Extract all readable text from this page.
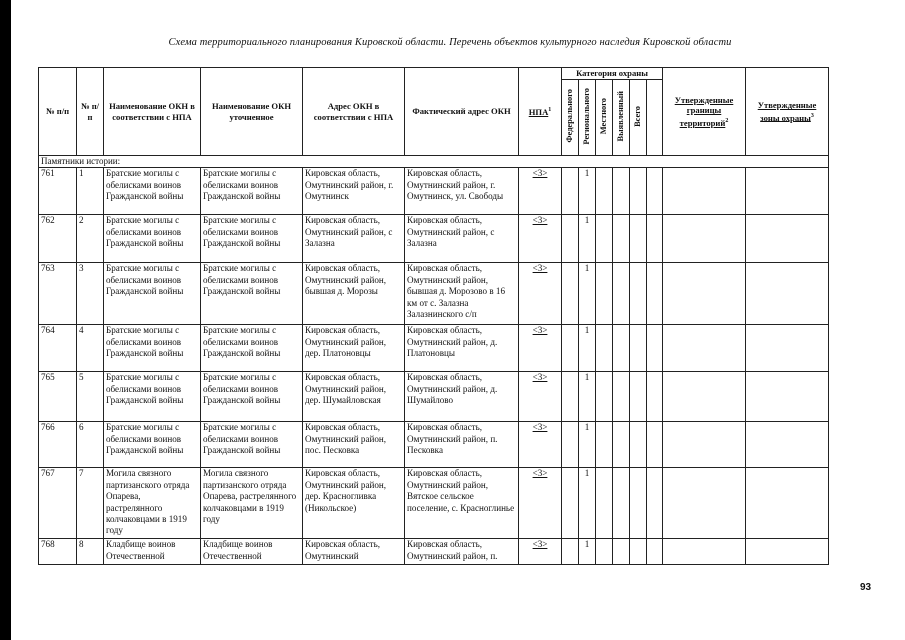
Схема территориального планирования Кировской области. Перечень объектов культурного наследия Кировской области
№ п/п	№ п/п	Наименование ОКН в соответствии с НПА	Наименование ОКН уточненное	Адрес ОКН в соответствии с НПА	Фактический адрес ОКН	НПА$^1$	Категория охраны						Утвержденные границы территорий$^2$	Утвержденные зоны охраны$^3$
							Федерального	Регионального	Местного	Выявленный	Всего			
Памятники истории:														
761	1	Братские могилы с обелисками воинов Гражданской войны	Братские могилы с обелисками воинов Гражданской войны	Кировская область, Омутнинский район, г. Омутнинск	Кировская область, Омутнинский район, г. Омутнинск, ул. Свободы	<3>		1						
762	2	Братские могилы с обелисками воинов Гражданской войны	Братские могилы с обелисками воинов Гражданской войны	Кировская область, Омутнинский район, с Залазна	Кировская область, Омутнинский район, с Залазна	<3>		1						
763	3	Братские могилы с обелисками воинов Гражданской войны	Братские могилы с обелисками воинов Гражданской войны	Кировская область, Омутнинский район, бывшая д. Морозы	Кировская область, Омутнинский район, бывшая д. Морозово в 16 км от с. Залазна Залазнинского с/п	<3>		1						
764	4	Братские могилы с обелисками воинов Гражданской войны	Братские могилы с обелисками воинов Гражданской войны	Кировская область, Омутнинский район, дер. Платоновцы	Кировская область, Омутнинский район, д. Платоновцы	<3>		1						
765	5	Братские могилы с обелисками воинов Гражданской войны	Братские могилы с обелисками воинов Гражданской войны	Кировская область, Омутнинский район, дер. Шумайловская	Кировская область, Омутнинский район, д. Шумайлово	<3>		1						
766	6	Братские могилы с обелисками воинов Гражданской войны	Братские могилы с обелисками воинов Гражданской войны	Кировская область, Омутнинский район, пос. Песковка	Кировская область, Омутнинский район, п. Песковка	<3>		1						
767	7	Могила связного партизанского отряда Опарева, растрелянного колчаковцами в 1919 году	Могила связного партизанского отряда Опарева, растрелянного колчаковцами в 1919 году	Кировская область, Омутнинский район, дер. Красногливка (Никольское)	Кировская область, Омутнинский район, Вятское сельское поселение, с. Красноглинье	<3>		1						
768	8	Кладбище воинов Отечественной	Кладбище воинов Отечественной	Кировская область, Омутнинский	Кировская область, Омутнинский район, п.	<3>		1						
93
